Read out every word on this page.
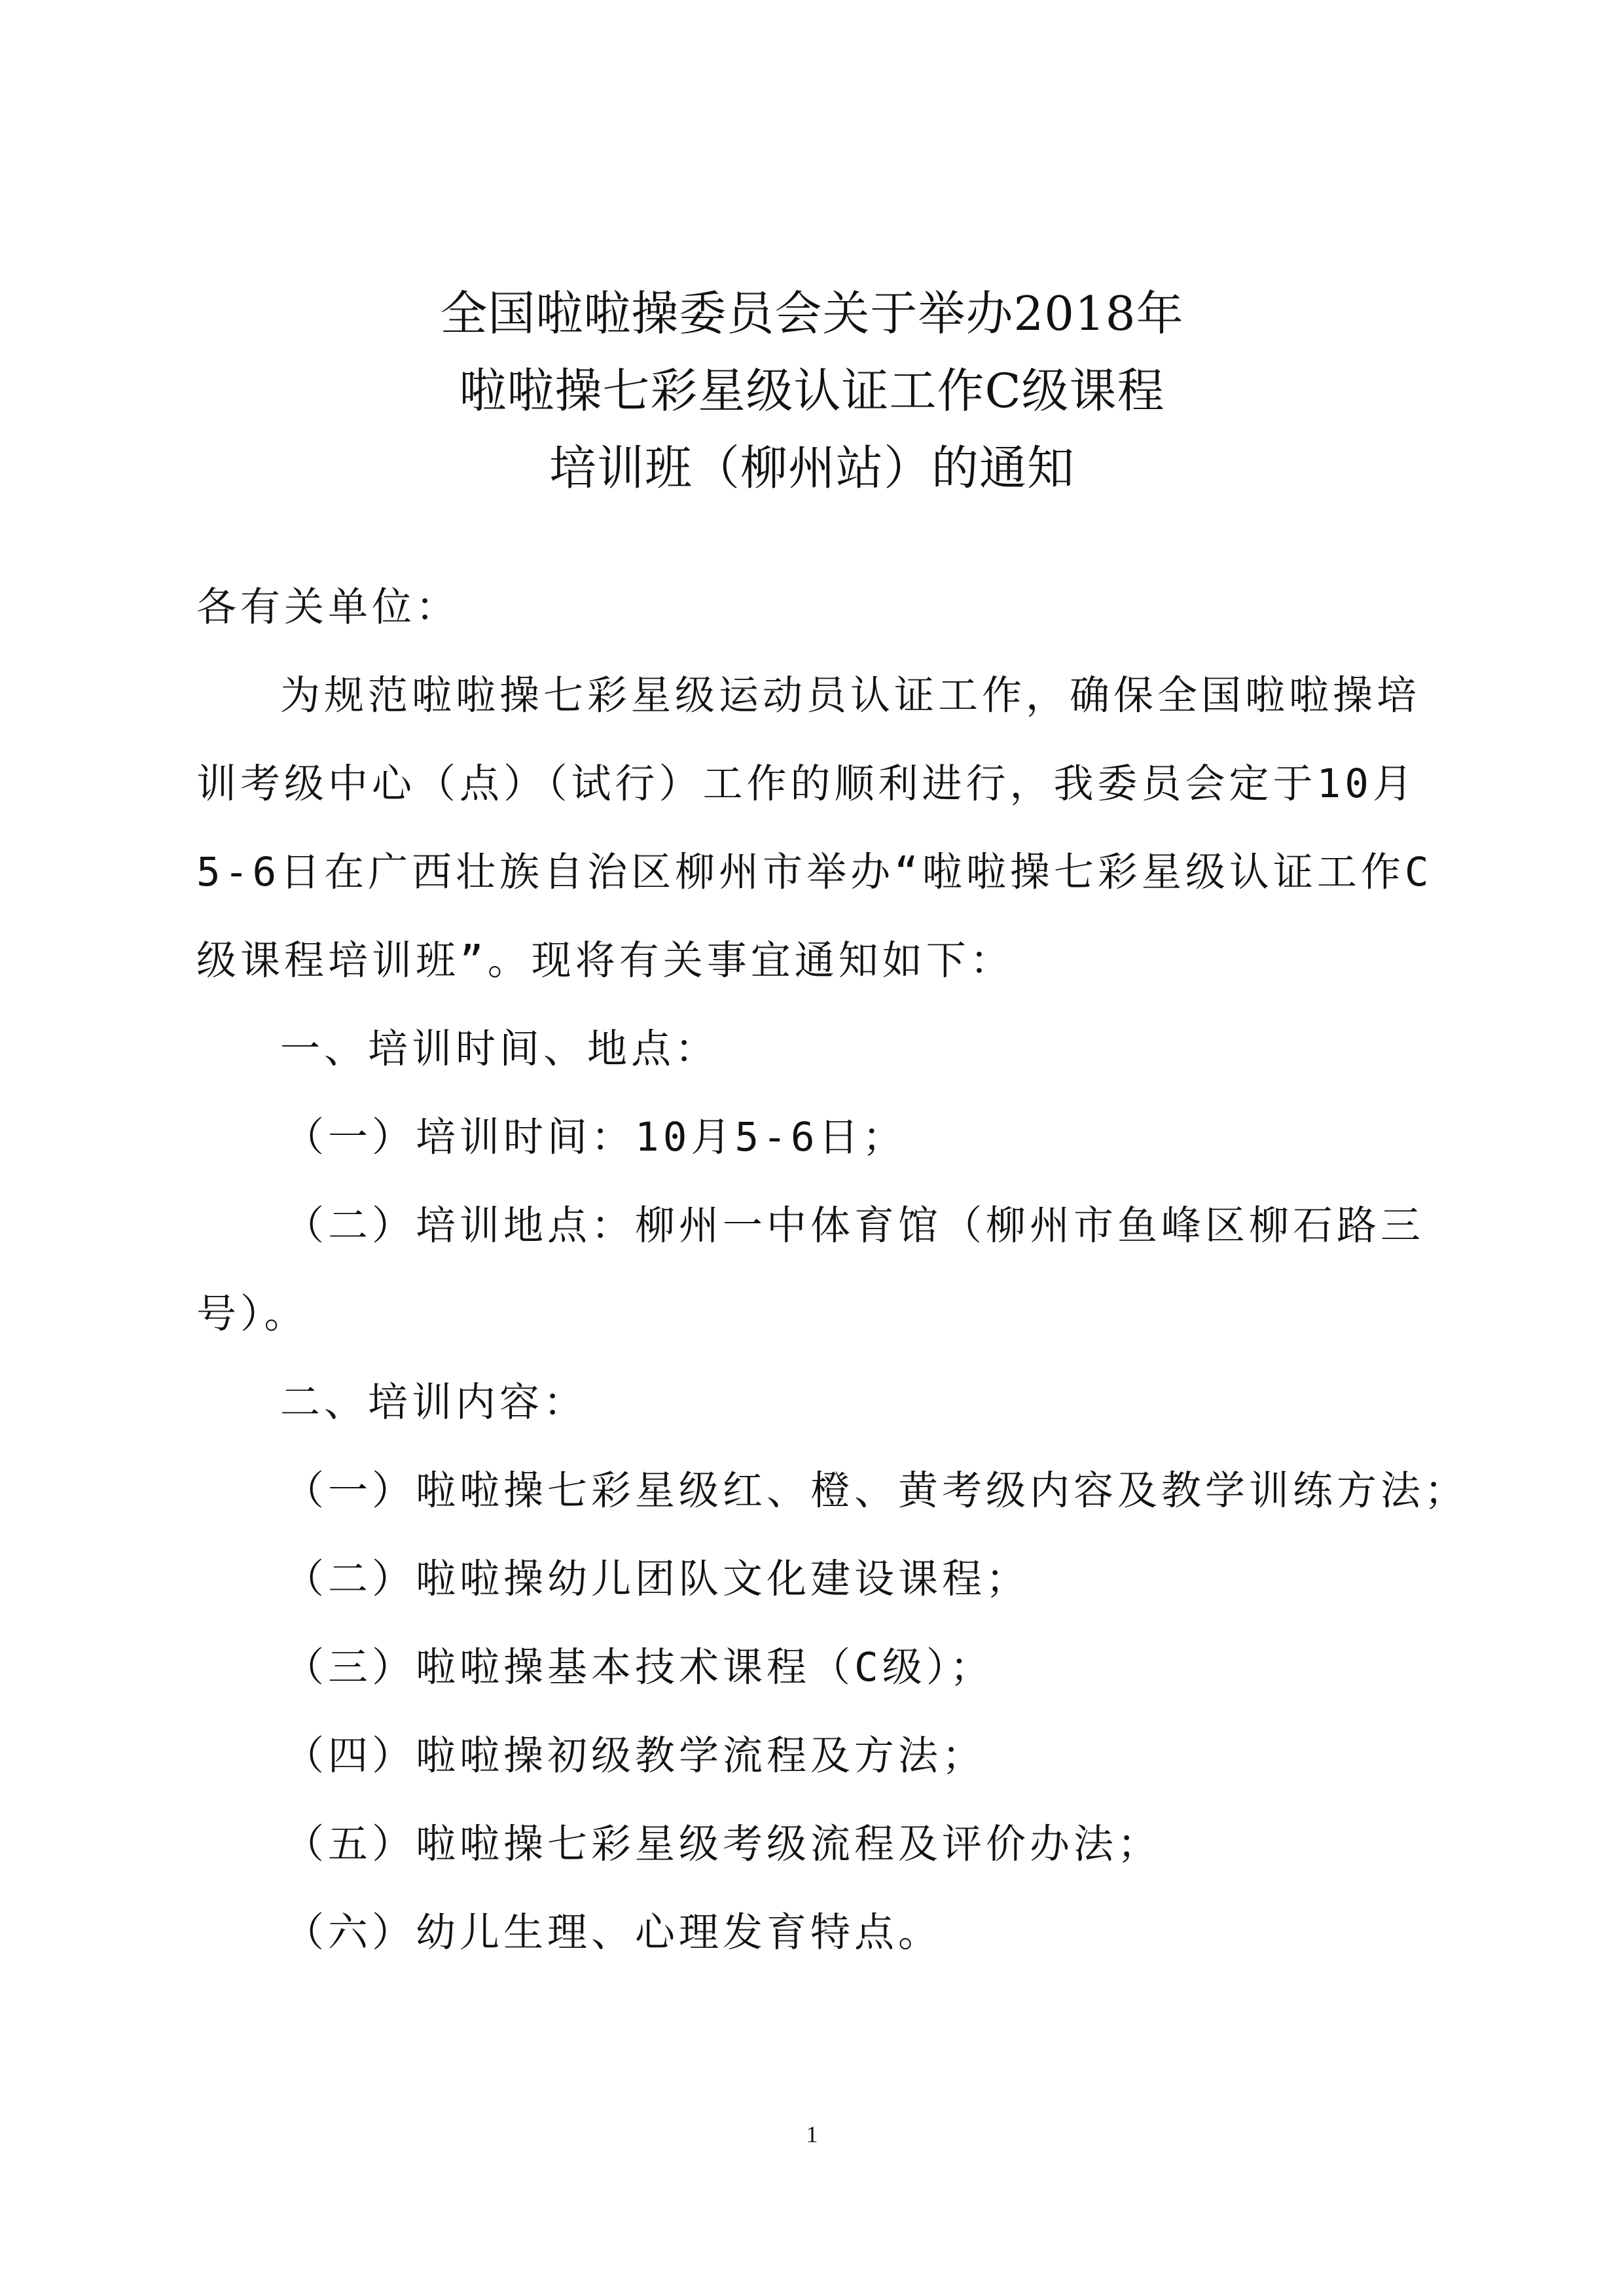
全国啦啦操委员会关于举办2018年
啦啦操七彩星级认证工作C级课程
培训班（柳州站）的通知

各有关单位：

为规范啦啦操七彩星级运动员认证工作，确保全国啦啦操培

训考级中心（点）（试行）工作的顺利进行，我委员会定于10月

5-6日在广西壮族自治区柳州市举办“啦啦操七彩星级认证工作C

级课程培训班”。现将有关事宜通知如下：

一、培训时间、地点：

（一）培训时间：10月5-6日；

（二）培训地点：柳州一中体育馆（柳州市鱼峰区柳石路三

号）。

二、培训内容：

（一）啦啦操七彩星级红、橙、黄考级内容及教学训练方法；

（二）啦啦操幼儿团队文化建设课程；

（三）啦啦操基本技术课程（C级）；

（四）啦啦操初级教学流程及方法；

（五）啦啦操七彩星级考级流程及评价办法；

（六）幼儿生理、心理发育特点。

1
